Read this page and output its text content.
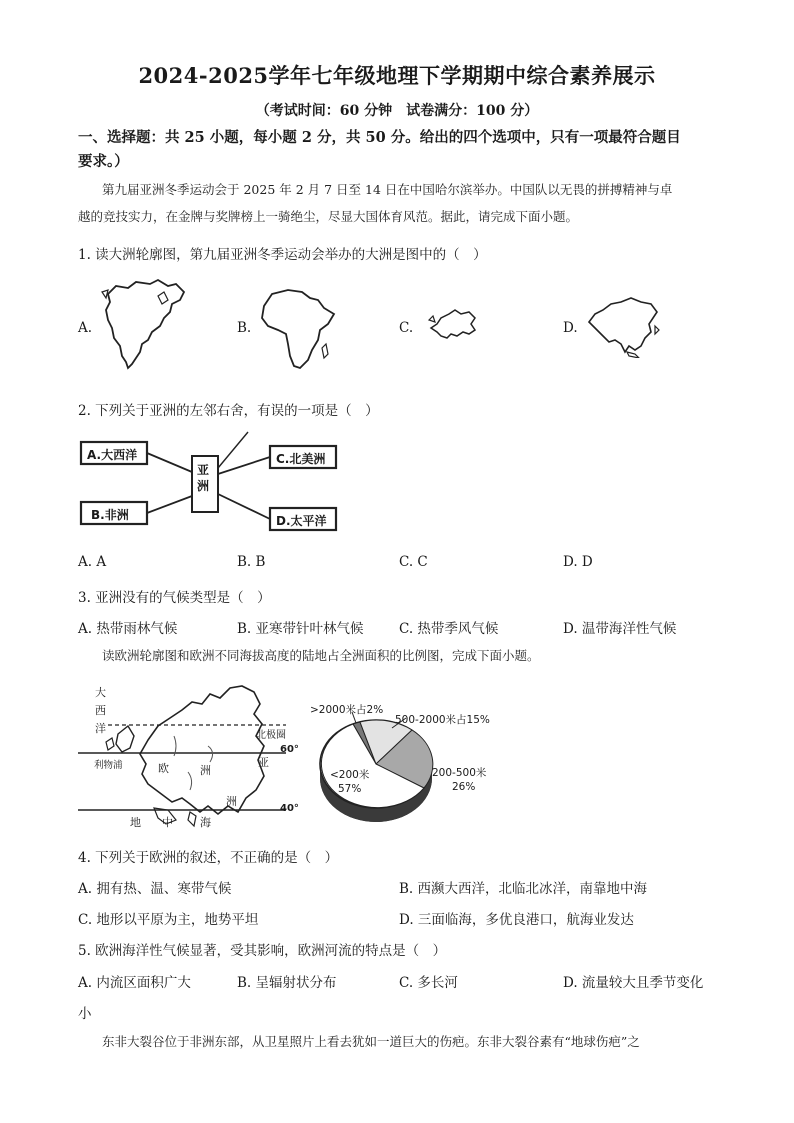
2024-2025学年七年级地理下学期期中综合素养展示
（考试时间：60 分钟　试卷满分：100 分）
一、选择题：共 25 小题，每小题 2 分，共 50 分。给出的四个选项中，只有一项最符合题目
要求。）
第九届亚洲冬季运动会于 2025 年 2 月 7 日至 14 日在中国哈尔滨举办。中国队以无畏的拼搏精神与卓
越的竞技实力，在金牌与奖牌榜上一骑绝尘，尽显大国体育风范。据此，请完成下面小题。
1. 读大洲轮廓图，第九届亚洲冬季运动会举办的大洲是图中的（　）
A.	B.	C.	D.
2. 下列关于亚洲的左邻右舍，有误的一项是（　）
A.大西洋
B.非洲
C.北美洲
D.太平洋
亚洲
A. A	B. B	C. C	D. D
3. 亚洲没有的气候类型是（　）
A. 热带雨林气候	B. 亚寒带针叶林气候	C. 热带季风气候	D. 温带海洋性气候
读欧洲轮廓图和欧洲不同海拔高度的陆地占全洲面积的比例图，完成下面小题。
大
西
洋
北极圈
60°
40°
利物浦	欧	洲
亚
洲
地 中 海
>2000米占2%
500-2000米占15%
200-500米
26%
<200米
57%
4. 下列关于欧洲的叙述，不正确的是（　）
A. 拥有热、温、寒带气候	B. 西濒大西洋，北临北冰洋，南靠地中海
C. 地形以平原为主，地势平坦	D. 三面临海，多优良港口，航海业发达
5. 欧洲海洋性气候显著，受其影响，欧洲河流的特点是（　）
A. 内流区面积广大	B. 呈辐射状分布	C. 多长河	D. 流量较大且季节变化
小
东非大裂谷位于非洲东部，从卫星照片上看去犹如一道巨大的伤疤。东非大裂谷素有“地球伤疤”之
